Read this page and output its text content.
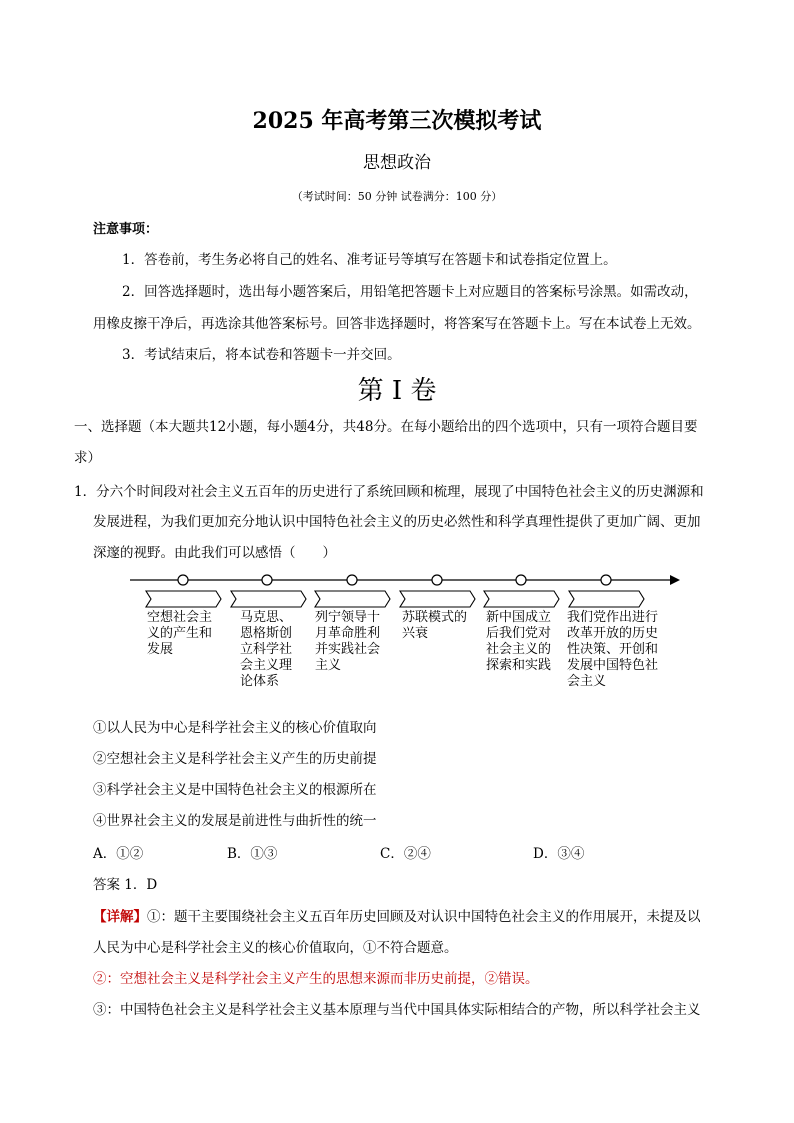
2025 年高考第三次模拟考试
思想政治
（考试时间：50 分钟 试卷满分：100 分）
注意事项：
1．答卷前，考生务必将自己的姓名、准考证号等填写在答题卡和试卷指定位置上。
2．回答选择题时，选出每小题答案后，用铅笔把答题卡上对应题目的答案标号涂黑。如需改动，
用橡皮擦干净后，再选涂其他答案标号。回答非选择题时，将答案写在答题卡上。写在本试卷上无效。
3．考试结束后，将本试卷和答题卡一并交回。
第 I 卷
一、选择题（本大题共12小题，每小题4分，共48分。在每小题给出的四个选项中，只有一项符合题目要
求）
1．分六个时间段对社会主义五百年的历史进行了系统回顾和梳理，展现了中国特色社会主义的历史渊源和
发展进程，为我们更加充分地认识中国特色社会主义的历史必然性和科学真理性提供了更加广阔、更加
深邃的视野。由此我们可以感悟（　　）
空想社会主义的产生和发展
马克思、恩格斯创立科学社会主义理论体系
列宁领导十月革命胜利并实践社会主义
苏联模式的兴衰
新中国成立后我们党对社会主义的探索和实践
我们党作出进行改革开放的历史性决策、开创和发展中国特色社会主义
①以人民为中心是科学社会主义的核心价值取向
②空想社会主义是科学社会主义产生的历史前提
③科学社会主义是中国特色社会主义的根源所在
④世界社会主义的发展是前进性与曲折性的统一
A．①②	B．①③	C．②④	D．③④
答案 1．D
【详解】①：题干主要围绕社会主义五百年历史回顾及对认识中国特色社会主义的作用展开，未提及以
人民为中心是科学社会主义的核心价值取向，①不符合题意。
②：空想社会主义是科学社会主义产生的思想来源而非历史前提，②错误。
③：中国特色社会主义是科学社会主义基本原理与当代中国具体实际相结合的产物，所以科学社会主义
